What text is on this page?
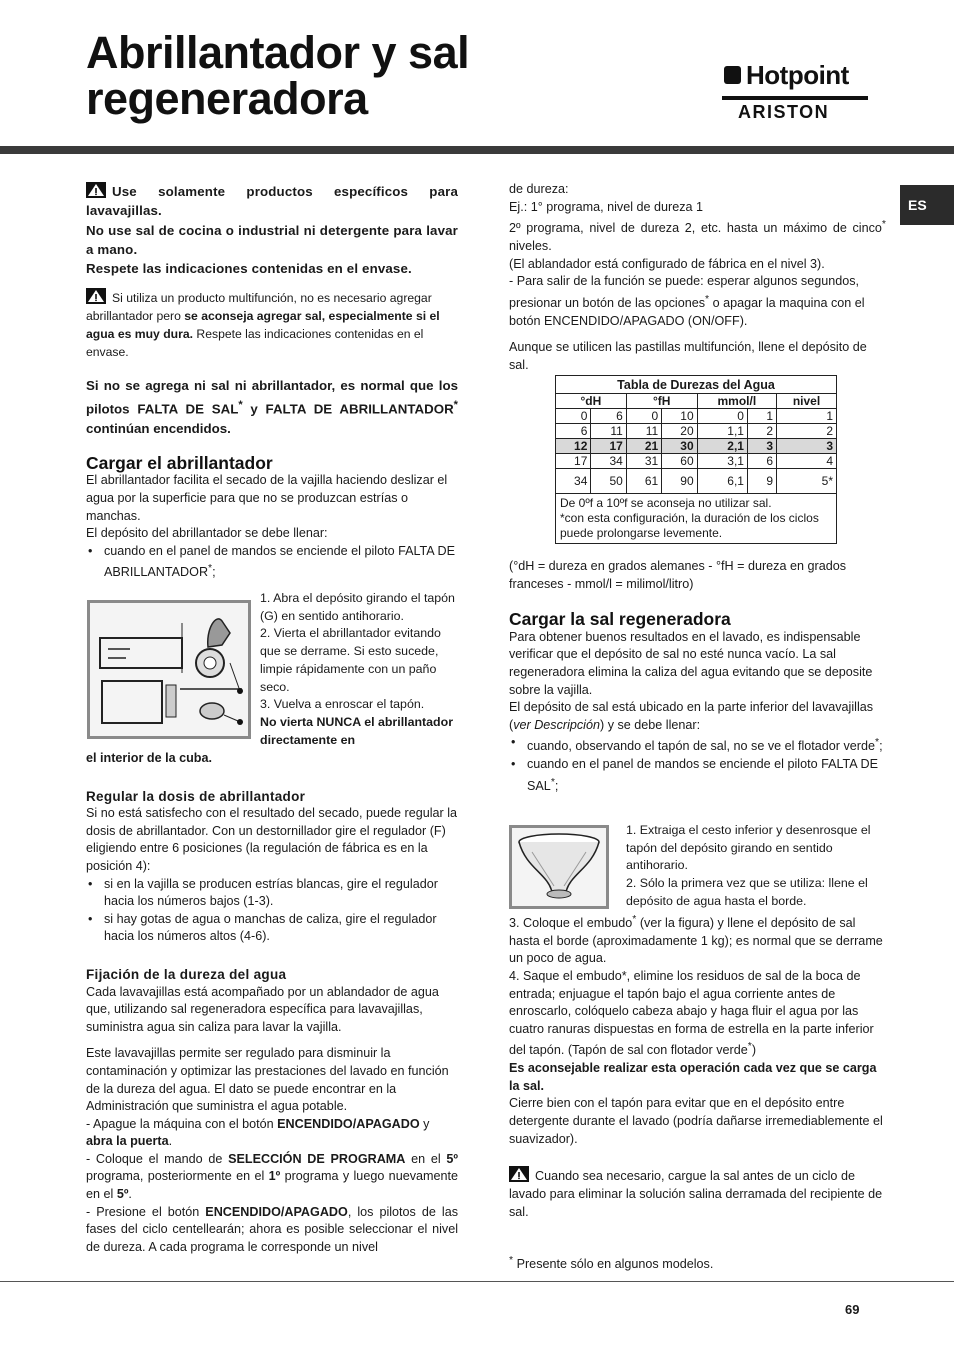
Abrillantador y sal regeneradora	Hotpoint
ARISTON
ES
Use solamente productos específicos para lavavajillas.
No use sal de cocina o industrial ni detergente para lavar a mano.
Respete las indicaciones contenidas en el envase.
Si utiliza un producto multifunción, no es necesario agregar abrillantador pero se aconseja agregar sal, especialmente si el agua es muy dura. Respete las indicaciones contenidas en el envase.
Si no se agrega ni sal ni abrillantador, es normal que los pilotos FALTA DE SAL* y FALTA DE ABRILLANTADOR* continúan encendidos.
Cargar el abrillantador

El abrillantador facilita el secado de la vajilla haciendo deslizar el agua por la superficie para que no se produzcan estrías o manchas.

El depósito del abrillantador se debe llenar:

• cuando en el panel de mandos se enciende el piloto FALTA DE ABRILLANTADOR*;

1. Abra el depósito girando el tapón (G) en sentido antihorario.

2. Vierta el abrillantador evitando que se derrame. Si esto sucede, limpie rápidamente con un paño seco.

3. Vuelva a enroscar el tapón.

No vierta NUNCA el abrillantador directamente en

el interior de la cuba.

Regular la dosis de abrillantador

Si no está satisfecho con el resultado del secado, puede regular la dosis de abrillantador. Con un destornillador gire el regulador (F) eligiendo entre 6 posiciones (la regulación de fábrica es en la posición 4):

• si en la vajilla se producen estrías blancas, gire el regulador hacia los números bajos (1-3).

• si hay gotas de agua o manchas de caliza, gire el regulador hacia los números altos (4-6).

Fijación de la dureza del agua

Cada lavavajillas está acompañado por un ablandador de agua que, utilizando sal regeneradora específica para lavavajillas, suministra agua sin caliza para lavar la vajilla.

Este lavavajillas permite ser regulado para disminuir la contaminación y optimizar las prestaciones del lavado en función de la dureza del agua. El dato se puede encontrar en la Administración que suministra el agua potable.

- Apague la máquina con el botón ENCENDIDO/APAGADO y abra la puerta.

- Coloque el mando de SELECCIÓN DE PROGRAMA en el 5º programa, posteriormente en el 1º programa y luego nuevamente en el 5º.

- Presione el botón ENCENDIDO/APAGADO, los pilotos de las fases del ciclo centellearán; ahora es posible seleccionar el nivel de dureza. A cada programa le corresponde un nivel

de dureza:

Ej.: 1° programa, nivel de dureza 1

2º programa, nivel de dureza 2, etc. hasta un máximo de cinco* niveles.

(El ablandador está configurado de fábrica en el nivel 3).

- Para salir de la función se puede: esperar algunos segundos, presionar un botón de las opciones* o apagar la maquina con el botón ENCENDIDO/APAGADO (ON/OFF).

Aunque se utilicen las pastillas multifunción, llene el depósito de sal.

Tabla de Durezas del Agua						
°dH		°fH		mmol/l		nivel
0	6	0	10	0	1	1
6	11	11	20	1,1	2	2
12	17	21	30	2,1	3	3
17	34	31	60	3,1	6	4
34	50	61	90	6,1	9	5*

De 0ºf a 10ºf se aconseja no utilizar sal.
*con esta configuración, la duración de los ciclos puede prolongarse levemente.						

(°dH = dureza en grados alemanes - °fH = dureza en grados franceses - mmol/l = milimol/litro)

Cargar la sal regeneradora

Para obtener buenos resultados en el lavado, es indispensable verificar que el depósito de sal no esté nunca vacío. La sal regeneradora elimina la caliza del agua evitando que se deposite sobre la vajilla.

El depósito de sal está ubicado en la parte inferior del lavavajillas (ver Descripción) y se debe llenar:

• cuando, observando el tapón de sal, no se ve el flotador verde*;

• cuando en el panel de mandos se enciende el piloto FALTA DE SAL*;

1. Extraiga el cesto inferior y desenrosque el tapón del depósito girando en sentido antihorario.

2. Sólo la primera vez que se utiliza: llene el depósito de agua hasta el borde.

3. Coloque el embudo* (ver la figura) y llene el depósito de sal hasta el borde (aproximadamente 1 kg); es normal que se derrame un poco de agua.

4. Saque el embudo*, elimine los residuos de sal de la boca de entrada; enjuague el tapón bajo el agua corriente antes de enroscarlo, colóquelo cabeza abajo y haga fluir el agua por las cuatro ranuras dispuestas en forma de estrella en la parte inferior del tapón. (Tapón de sal con flotador verde*)

Es aconsejable realizar esta operación cada vez que se carga la sal.

Cierre bien con el tapón para evitar que en el depósito entre detergente durante el lavado (podría dañarse irremediablemente el suavizador).

Cuando sea necesario, cargue la sal antes de un ciclo de lavado para eliminar la solución salina derramada del recipiente de sal.

* Presente sólo en algunos modelos.

69
